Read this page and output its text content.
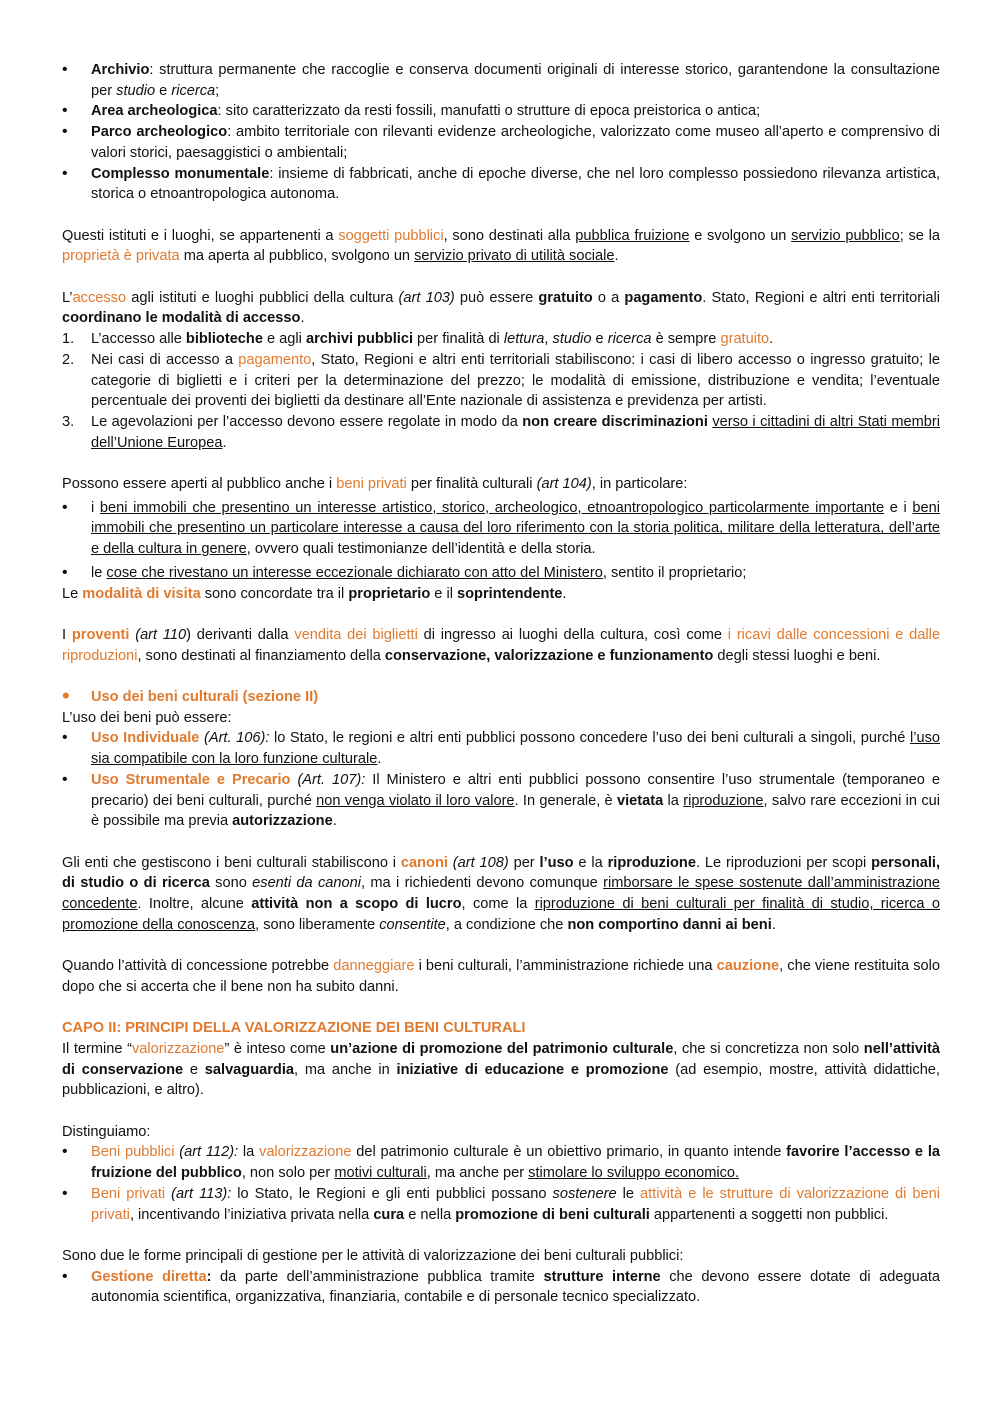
• Archivio: struttura permanente che raccoglie e conserva documenti originali di interesse storico, garantendone la consultazione per studio e ricerca;
• Area archeologica: sito caratterizzato da resti fossili, manufatti o strutture di epoca preistorica o antica;
• Parco archeologico: ambito territoriale con rilevanti evidenze archeologiche, valorizzato come museo all’aperto e comprensivo di valori storici, paesaggistici o ambientali;
• Complesso monumentale: insieme di fabbricati, anche di epoche diverse, che nel loro complesso possiedono rilevanza artistica, storica o etnoantropologica autonoma.

Questi istituti e i luoghi, se appartenenti a soggetti pubblici, sono destinati alla pubblica fruizione e svolgono un servizio pubblico; se la proprietà è privata ma aperta al pubblico, svolgono un servizio privato di utilità sociale.

L’accesso agli istituti e luoghi pubblici della cultura (art 103) può essere gratuito o a pagamento. Stato, Regioni e altri enti territoriali coordinano le modalità di accesso.

1. L’accesso alle biblioteche e agli archivi pubblici per finalità di lettura, studio e ricerca è sempre gratuito.
2. Nei casi di accesso a pagamento, Stato, Regioni e altri enti territoriali stabiliscono: i casi di libero accesso o ingresso gratuito; le categorie di biglietti e i criteri per la determinazione del prezzo; le modalità di emissione, distribuzione e vendita; l’eventuale percentuale dei proventi dei biglietti da destinare all’Ente nazionale di assistenza e previdenza per artisti.
3. Le agevolazioni per l’accesso devono essere regolate in modo da non creare discriminazioni verso i cittadini di altri Stati membri dell’Unione Europea.

Possono essere aperti al pubblico anche i beni privati per finalità culturali (art 104), in particolare:

• i beni immobili che presentino un interesse artistico, storico, archeologico, etnoantropologico particolarmente importante e i beni immobili che presentino un particolare interesse a causa del loro riferimento con la storia politica, militare della letteratura, dell’arte e della cultura in genere, ovvero quali testimonianze dell’identità e della storia.
• le cose che rivestano un interesse eccezionale dichiarato con atto del Ministero, sentito il proprietario;

Le modalità di visita sono concordate tra il proprietario e il soprintendente.

I proventi (art 110) derivanti dalla vendita dei biglietti di ingresso ai luoghi della cultura, così come i ricavi dalle concessioni e dalle riproduzioni, sono destinati al finanziamento della conservazione, valorizzazione e funzionamento degli stessi luoghi e beni.

• Uso dei beni culturali (sezione II)

L’uso dei beni può essere:

• Uso Individuale (Art. 106): lo Stato, le regioni e altri enti pubblici possono concedere l’uso dei beni culturali a singoli, purché l’uso sia compatibile con la loro funzione culturale.
• Uso Strumentale e Precario (Art. 107): Il Ministero e altri enti pubblici possono consentire l’uso strumentale (temporaneo e precario) dei beni culturali, purché non venga violato il loro valore. In generale, è vietata la riproduzione, salvo rare eccezioni in cui è possibile ma previa autorizzazione.

Gli enti che gestiscono i beni culturali stabiliscono i canoni (art 108) per l’uso e la riproduzione. Le riproduzioni per scopi personali, di studio o di ricerca sono esenti da canoni, ma i richiedenti devono comunque rimborsare le spese sostenute dall’amministrazione concedente. Inoltre, alcune attività non a scopo di lucro, come la riproduzione di beni culturali per finalità di studio, ricerca o promozione della conoscenza, sono liberamente consentite, a condizione che non comportino danni ai beni.

Quando l’attività di concessione potrebbe danneggiare i beni culturali, l’amministrazione richiede una cauzione, che viene restituita solo dopo che si accerta che il bene non ha subito danni.

CAPO II: PRINCIPI DELLA VALORIZZAZIONE DEI BENI CULTURALI

Il termine “valorizzazione” è inteso come un’azione di promozione del patrimonio culturale, che si concretizza non solo nell’attività di conservazione e salvaguardia, ma anche in iniziative di educazione e promozione (ad esempio, mostre, attività didattiche, pubblicazioni, e altro).

Distinguiamo:

• Beni pubblici (art 112): la valorizzazione del patrimonio culturale è un obiettivo primario, in quanto intende favorire l’accesso e la fruizione del pubblico, non solo per motivi culturali, ma anche per stimolare lo sviluppo economico.
• Beni privati (art 113): lo Stato, le Regioni e gli enti pubblici possano sostenere le attività e le strutture di valorizzazione di beni privati, incentivando l’iniziativa privata nella cura e nella promozione di beni culturali appartenenti a soggetti non pubblici.

Sono due le forme principali di gestione per le attività di valorizzazione dei beni culturali pubblici:

• Gestione diretta: da parte dell’amministrazione pubblica tramite strutture interne che devono essere dotate di adeguata autonomia scientifica, organizzativa, finanziaria, contabile e di personale tecnico specializzato.
